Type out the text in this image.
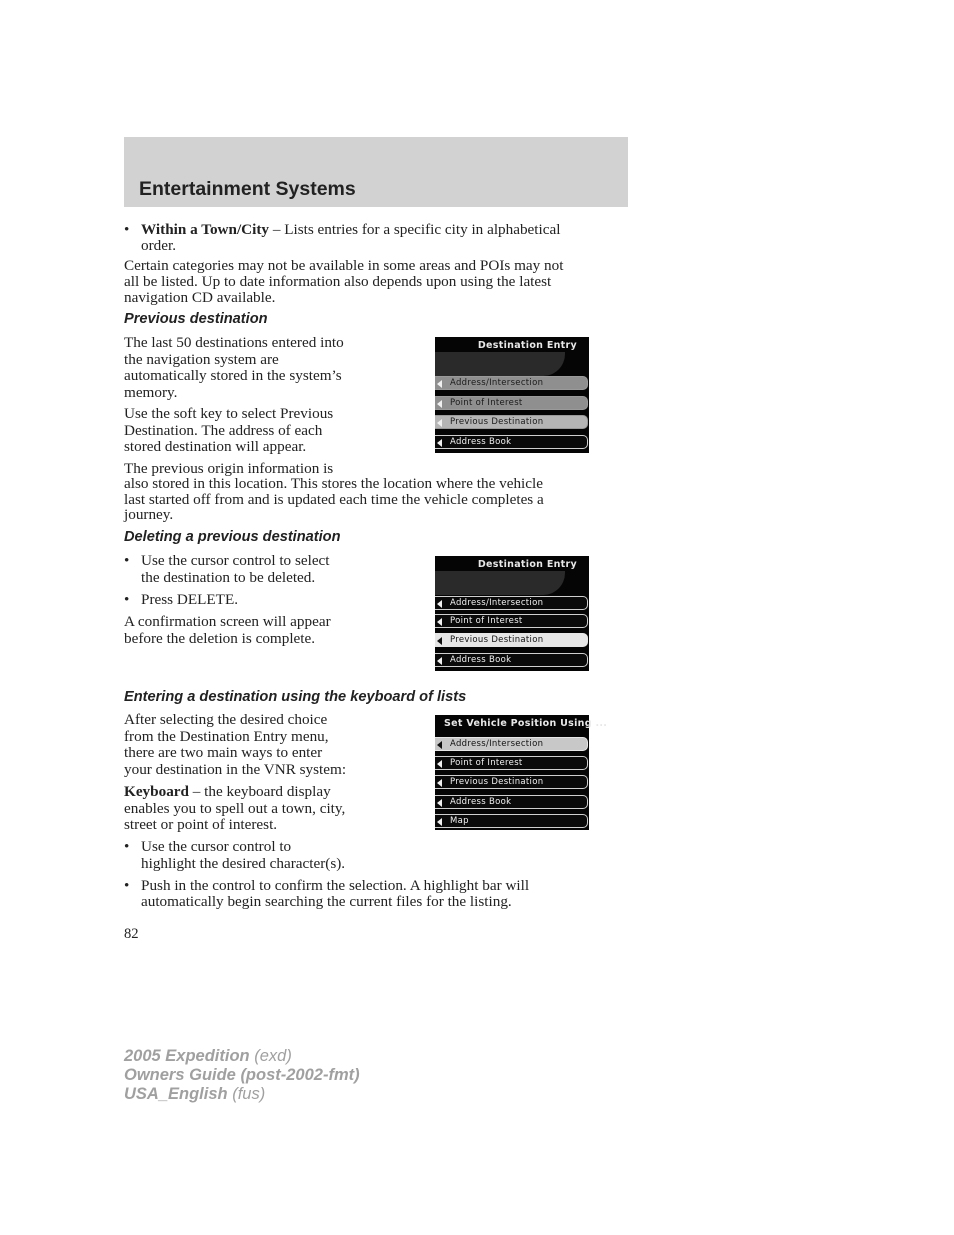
Entertainment Systems
• Within a Town/City – Lists entries for a specific city in alphabetical
order.
Certain categories may not be available in some areas and POIs may not
all be listed. Up to date information also depends upon using the latest
navigation CD available.
Previous destination
The last 50 destinations entered into
the navigation system are
automatically stored in the system’s
memory.
Use the soft key to select Previous
Destination. The address of each
stored destination will appear.
The previous origin information is
also stored in this location. This stores the location where the vehicle
last started off from and is updated each time the vehicle completes a
journey.
Destination Entry
Address/Intersection
Point of Interest
Previous Destination
Address Book
Deleting a previous destination
• Use the cursor control to select
the destination to be deleted.
• Press DELETE.
A confirmation screen will appear
before the deletion is complete.
Destination Entry
Address/Intersection
Point of Interest
Previous Destination
Address Book
Entering a destination using the keyboard of lists
After selecting the desired choice
from the Destination Entry menu,
there are two main ways to enter
your destination in the VNR system:
Keyboard – the keyboard display
enables you to spell out a town, city,
street or point of interest.
• Use the cursor control to
highlight the desired character(s).
• Push in the control to confirm the selection. A highlight bar will
automatically begin searching the current files for the listing.
Set Vehicle Position Using ...
Address/Intersection
Point of Interest
Previous Destination
Address Book
Map
82
2005 Expedition (exd)
Owners Guide (post-2002-fmt)
USA_English (fus)
